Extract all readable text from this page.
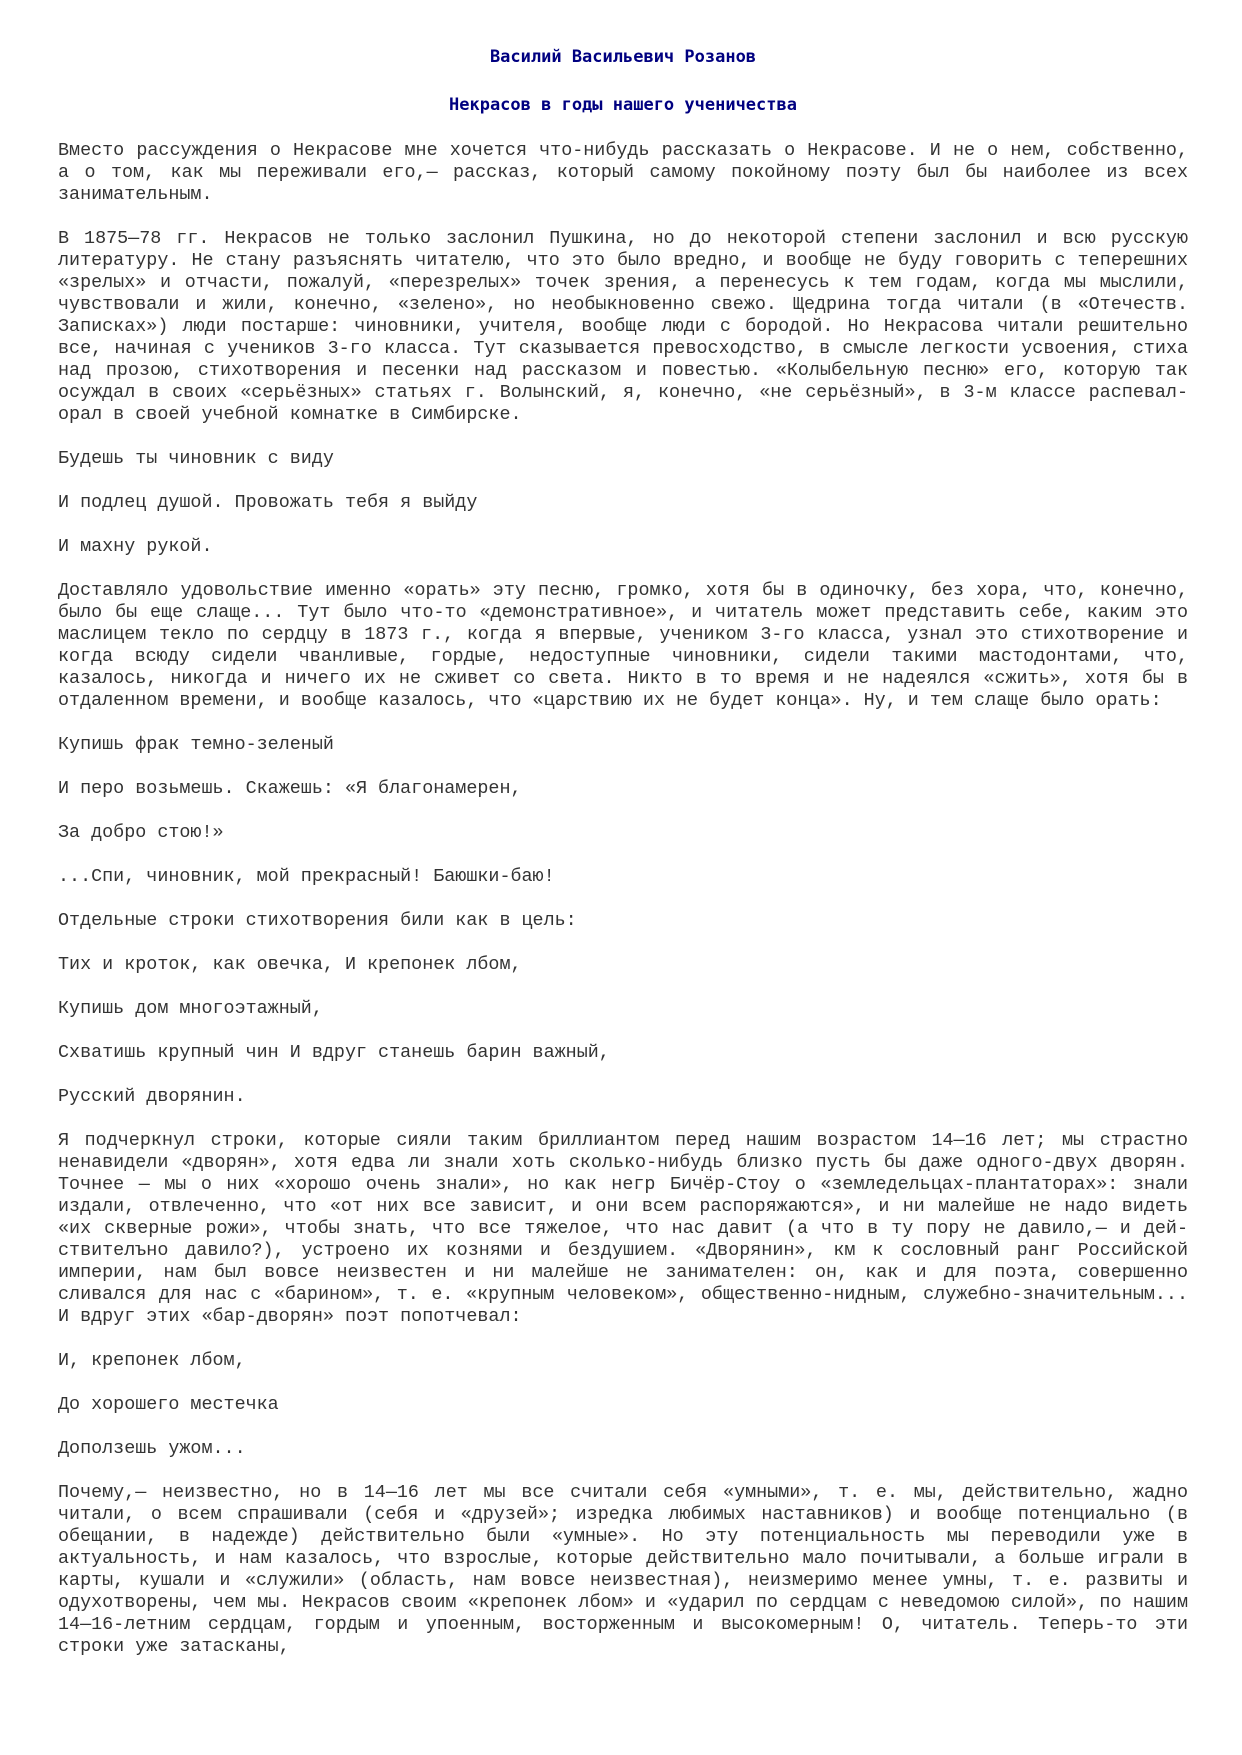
Василий Васильевич Розанов
Некрасов в годы нашего ученичества

Вместо рассуждения о Некрасове мне хочется что-нибудь рассказать о Некрасове. И не о нем, собственно, а о том, как мы переживали его,— рассказ, который самому покойному поэту был бы наиболее из всех занимательным.

В 1875—78 гг. Некрасов не только заслонил Пушкина, но до некоторой степени заслонил и всю русскую литературу. Не стану разъяснять читателю, что это было вредно, и вообще не буду говорить с теперешних «зрелых» и отчасти, пожалуй, «перезрелых» точек зрения, а перенесусь к тем годам, когда мы мыслили, чувствовали и жили, конечно, «зелено», но необыкновенно свежо. Щедрина тогда читали (в «Отечеств. Записках») люди постарше: чиновники, учителя, вообще люди с бородой. Но Некрасова читали решительно все, начиная с учеников 3-го класса. Тут сказывается превосходство, в смысле легкости усвоения, стиха над прозою, стихотворения и песенки над рассказом и повестью. «Колыбельную песню» его, которую так осуждал в своих «серьёзных» статьях г. Волынский, я, конечно, «не серьёзный», в 3-м классе распевал-орал в своей учебной комнатке в Симбирске.

Будешь ты чиновник с виду

И подлец душой. Провожать тебя я выйду

И махну рукой.

Доставляло удовольствие именно «орать» эту песню, громко, хотя бы в одиночку, без хора, что, конечно, было бы еще слаще... Тут было что-то «демонстративное», и читатель может представить себе, каким это маслицем текло по сердцу в 1873 г., когда я впервые, учеником 3-го класса, узнал это стихотворение и когда всюду сидели чванливые, гордые, недоступные чиновники, сидели такими мастодонтами, что, казалось, никогда и ничего их не сживет со света. Никто в то время и не надеялся «сжить», хотя бы в отдаленном времени, и вообще казалось, что «царствию их не будет конца». Ну, и тем слаще было орать:

Купишь фрак темно-зеленый

И перо возьмешь. Скажешь: «Я благонамерен,

За добро стою!»

...Спи, чиновник, мой прекрасный! Баюшки-баю!

Отдельные строки стихотворения били как в цель:

Тих и кроток, как овечка, И крепонек лбом,

Купишь дом многоэтажный,

Схватишь крупный чин И вдруг станешь барин важный,

Русский дворянин.

Я подчеркнул строки, которые сияли таким бриллиантом перед нашим возрастом 14—16 лет; мы страстно ненавидели «дворян», хотя едва ли знали хоть сколько-нибудь близко пусть бы даже одного-двух дворян. Точнее — мы о них «хорошо очень знали», но как негр Бичёр-Стоу о «земледельцах-плантаторах»: знали издали, отвлеченно, что «от них все зависит, и они всем распоряжаются», и ни малейше не надо видеть «их скверные рожи», чтобы знать, что все тяжелое, что нас давит (а что в ту пору не давило,— и дей-ствителъно давило?), устроено их кознями и бездушием. «Дворянин», км к сословный ранг Российской империи, нам был вовсе неизвестен и ни малейше не занимателен: он, как и для поэта, совершенно сливался для нас с «барином», т. е. «крупным человеком», общественно-нидным, служебно-значительным... И вдруг этих «бар-дворян» поэт попотчевал:

И, крепонек лбом,

До хорошего местечка

Доползешь ужом...

Почему,— неизвестно, но в 14—16 лет мы все считали себя «умными», т. е. мы, действительно, жадно читали, о всем спрашивали (себя и «друзей»; изредка любимых наставников) и вообще потенциально (в обещании, в надежде) действительно были «умные». Но эту потенциальность мы переводили уже в актуальность, и нам казалось, что взрослые, которые действительно мало почитывали, а больше играли в карты, кушали и «служили» (область, нам вовсе неизвестная), неизмеримо менее умны, т. е. развиты и одухотворены, чем мы. Некрасов своим «крепонек лбом» и «ударил по сердцам с неведомою силой», по нашим 14—16-летним сердцам, гордым и упоенным, восторженным и высокомерным! О, читатель. Теперь-то эти строки уже затасканы,
